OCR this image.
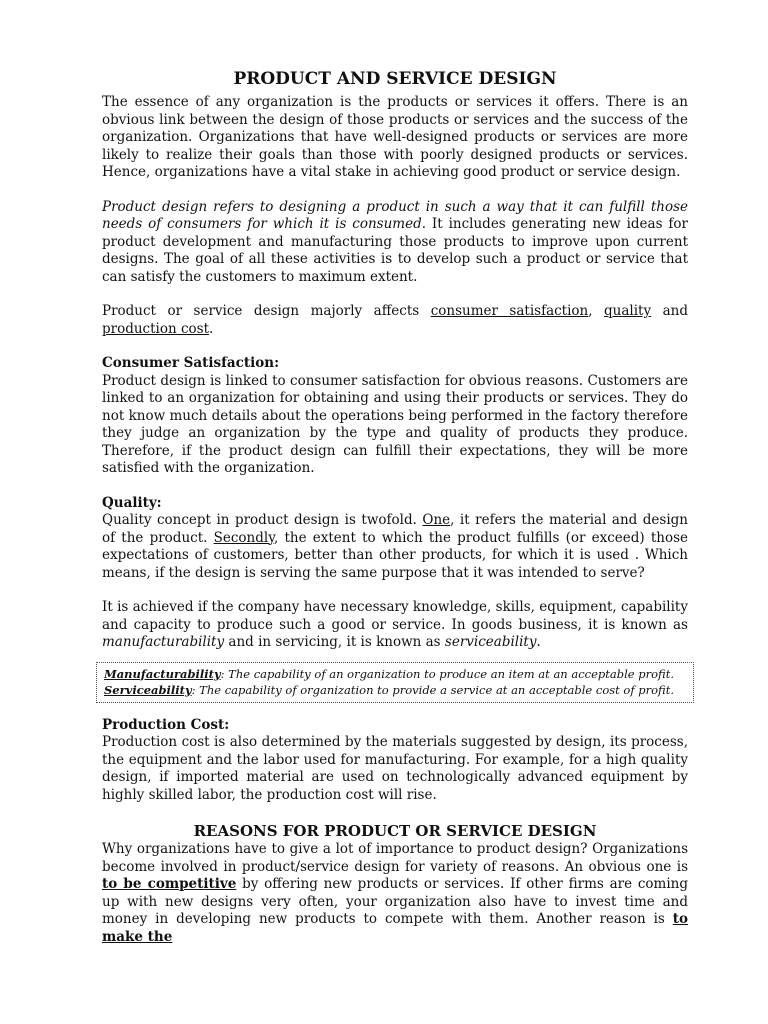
PRODUCT AND SERVICE DESIGN

The essence of any organization is the products or services it offers. There is an obvious link between the design of those products or services and the success of the organization. Organizations that have well-designed products or services are more likely to realize their goals than those with poorly designed products or services. Hence, organizations have a vital stake in achieving good product or service design.

Product design refers to designing a product in such a way that it can fulfill those needs of consumers for which it is consumed. It includes generating new ideas for product development and manufacturing those products to improve upon current designs. The goal of all these activities is to develop such a product or service that can satisfy the customers to maximum extent.

Product or service design majorly affects consumer satisfaction, quality and production cost.

Consumer Satisfaction:

Product design is linked to consumer satisfaction for obvious reasons. Customers are linked to an organization for obtaining and using their products or services. They do not know much details about the operations being performed in the factory therefore they judge an organization by the type and quality of products they produce. Therefore, if the product design can fulfill their expectations, they will be more satisfied with the organization.

Quality:

Quality concept in product design is twofold. One, it refers the material and design of the product. Secondly, the extent to which the product fulfills (or exceed) those expectations of customers, better than other products, for which it is used . Which means, if the design is serving the same purpose that it was intended to serve?

It is achieved if the company have necessary knowledge, skills, equipment, capability and capacity to produce such a good or service. In goods business, it is known as manufacturability and in servicing, it is known as serviceability.

Manufacturability: The capability of an organization to produce an item at an acceptable profit.
Serviceability: The capability of organization to provide a service at an acceptable cost of profit.

Production Cost:

Production cost is also determined by the materials suggested by design, its process, the equipment and the labor used for manufacturing. For example, for a high quality design, if imported material are used on technologically advanced equipment by highly skilled labor, the production cost will rise.

REASONS FOR PRODUCT OR SERVICE DESIGN

Why organizations have to give a lot of importance to product design? Organizations become involved in product/service design for variety of reasons. An obvious one is to be competitive by offering new products or services. If other firms are coming up with new designs very often, your organization also have to invest time and money in developing new products to compete with them. Another reason is to make the
